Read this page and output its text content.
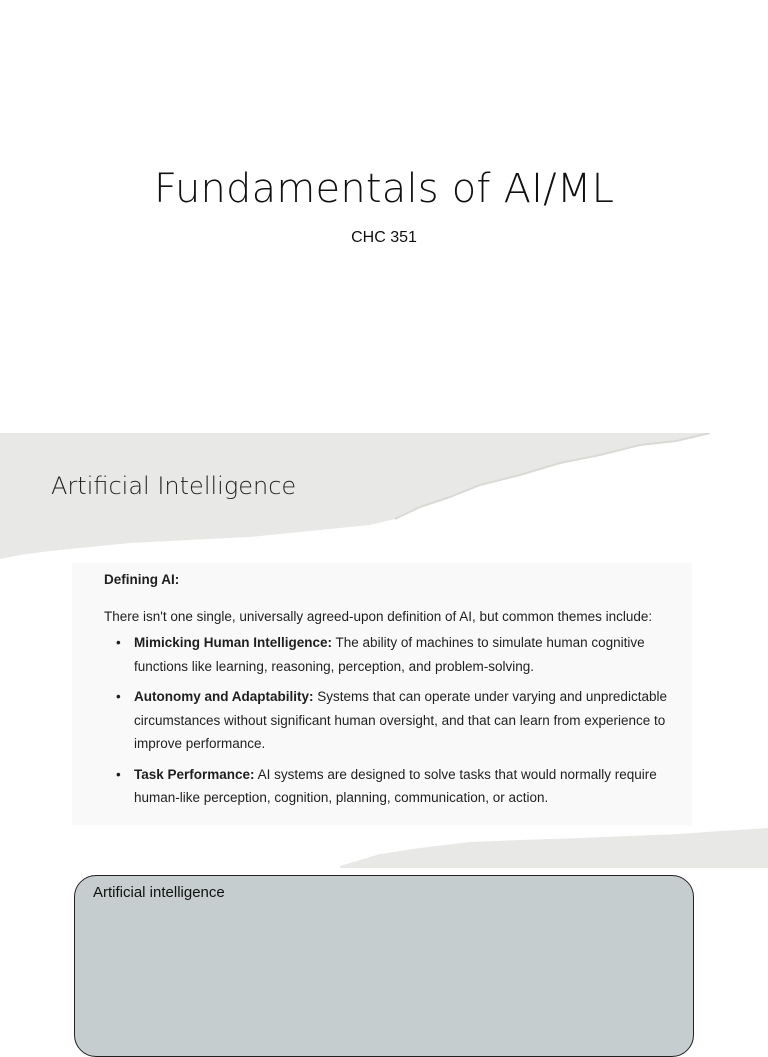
Fundamentals of AI/ML
CHC 351
Artificial Intelligence
Defining AI:
There isn't one single, universally agreed-upon definition of AI, but common themes include:
• Mimicking Human Intelligence: The ability of machines to simulate human cognitive functions like learning, reasoning, perception, and problem-solving.
• Autonomy and Adaptability: Systems that can operate under varying and unpredictable circumstances without significant human oversight, and that can learn from experience to improve performance.
• Task Performance: AI systems are designed to solve tasks that would normally require human-like perception, cognition, planning, communication, or action.
Artificial intelligence
